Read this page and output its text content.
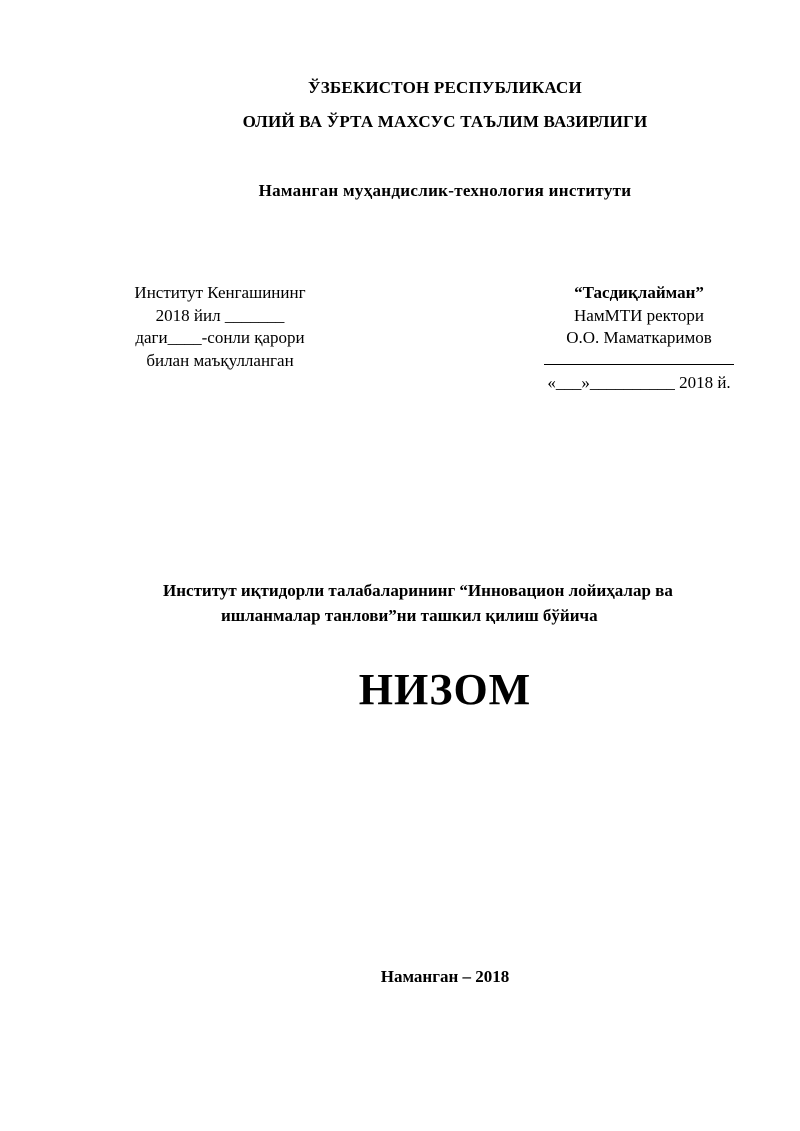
ЎЗБЕКИСТОН РЕСПУБЛИКАСИ
ОЛИЙ ВА ЎРТА МАХСУС ТАЪЛИМ ВАЗИРЛИГИ
Наманган муҳандислик-технология институти
Институт Кенгашининг
2018 йил _______
даги____-сонли қарори
билан маъқулланган
“Тасдиқлайман”
НамМТИ ректори
О.О. Маматкаримов
«___»__________ 2018 й.
Институт иқтидорли талабаларининг “Инновацион лойиҳалар ва
ишланмалар танлови”ни ташкил қилиш бўйича
НИЗОМ
Наманган – 2018
